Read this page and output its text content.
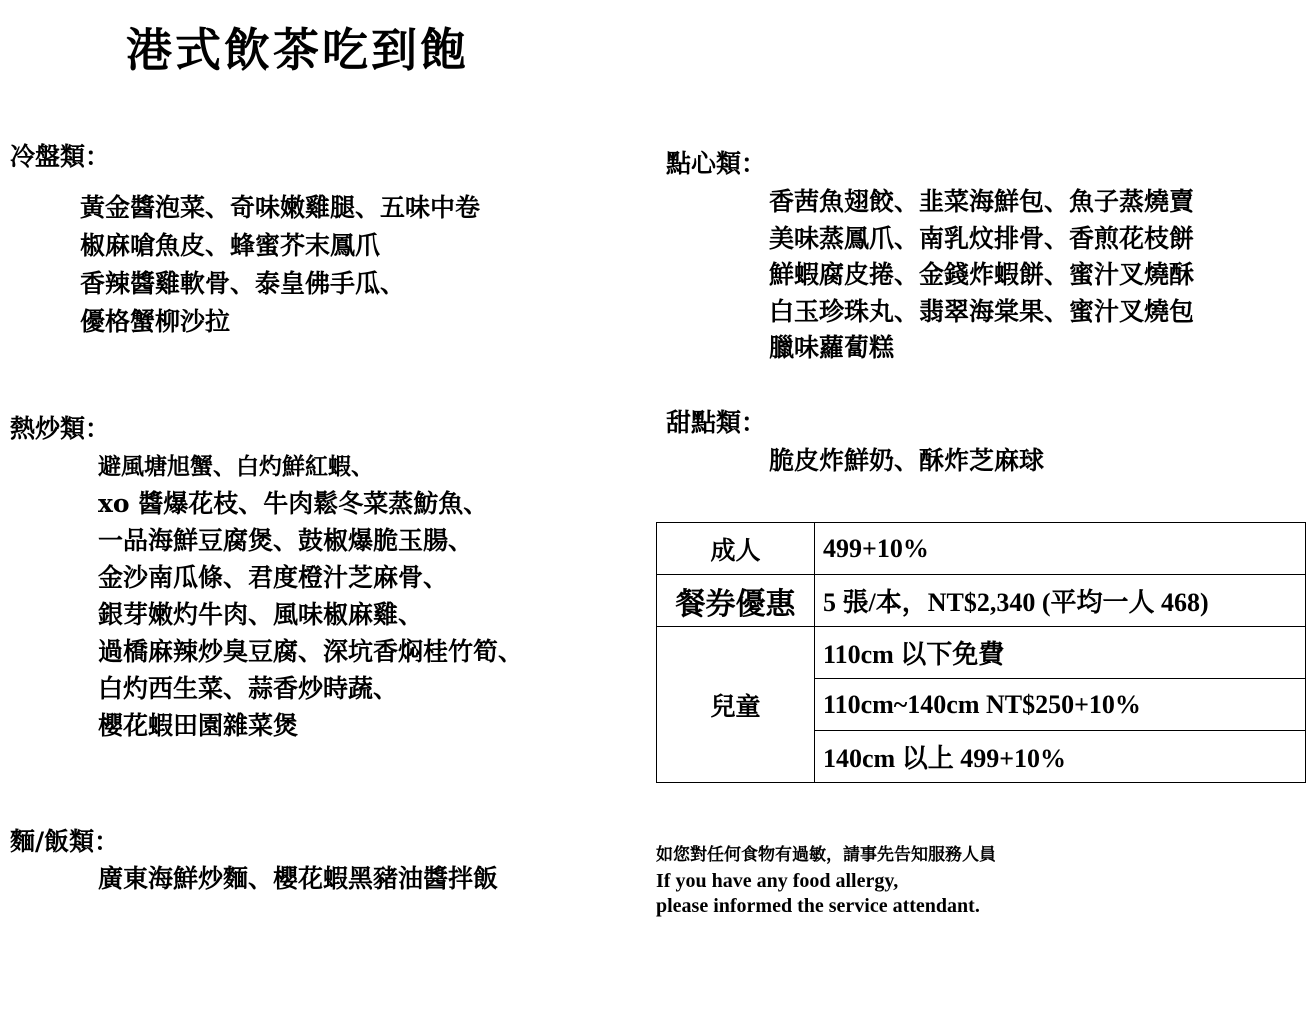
港式飲茶吃到飽
冷盤類：
黃金醬泡菜、奇味嫩雞腿、五味中卷
椒麻嗆魚皮、蜂蜜芥末鳳爪
香辣醬雞軟骨、泰皇佛手瓜、
優格蟹柳沙拉
熱炒類：
避風塘旭蟹、白灼鮮紅蝦、
xo 醬爆花枝、牛肉鬆冬菜蒸魴魚、
一品海鮮豆腐煲、鼓椒爆脆玉腸、
金沙南瓜條、君度橙汁芝麻骨、
銀芽嫩灼牛肉、風味椒麻雞、
過橋麻辣炒臭豆腐、深坑香焖桂竹筍、
白灼西生菜、蒜香炒時蔬、
櫻花蝦田園雜菜煲
麵/飯類：
廣東海鮮炒麵、櫻花蝦黑豬油醬拌飯
點心類：
香茜魚翅餃、韭菜海鮮包、魚子蒸燒賣
美味蒸鳳爪、南乳炆排骨、香煎花枝餅
鮮蝦腐皮捲、金錢炸蝦餅、蜜汁叉燒酥
白玉珍珠丸、翡翠海棠果、蜜汁叉燒包
臘味蘿蔔糕
甜點類：
脆皮炸鮮奶、酥炸芝麻球
成人	499+10%
餐券優惠	5 張/本，NT$2,340 (平均一人 468)
兒童	110cm 以下免費
	110cm~140cm NT$250+10%
	140cm 以上 499+10%
如您對任何食物有過敏，請事先告知服務人員
If you have any food allergy,
please informed the service attendant.
